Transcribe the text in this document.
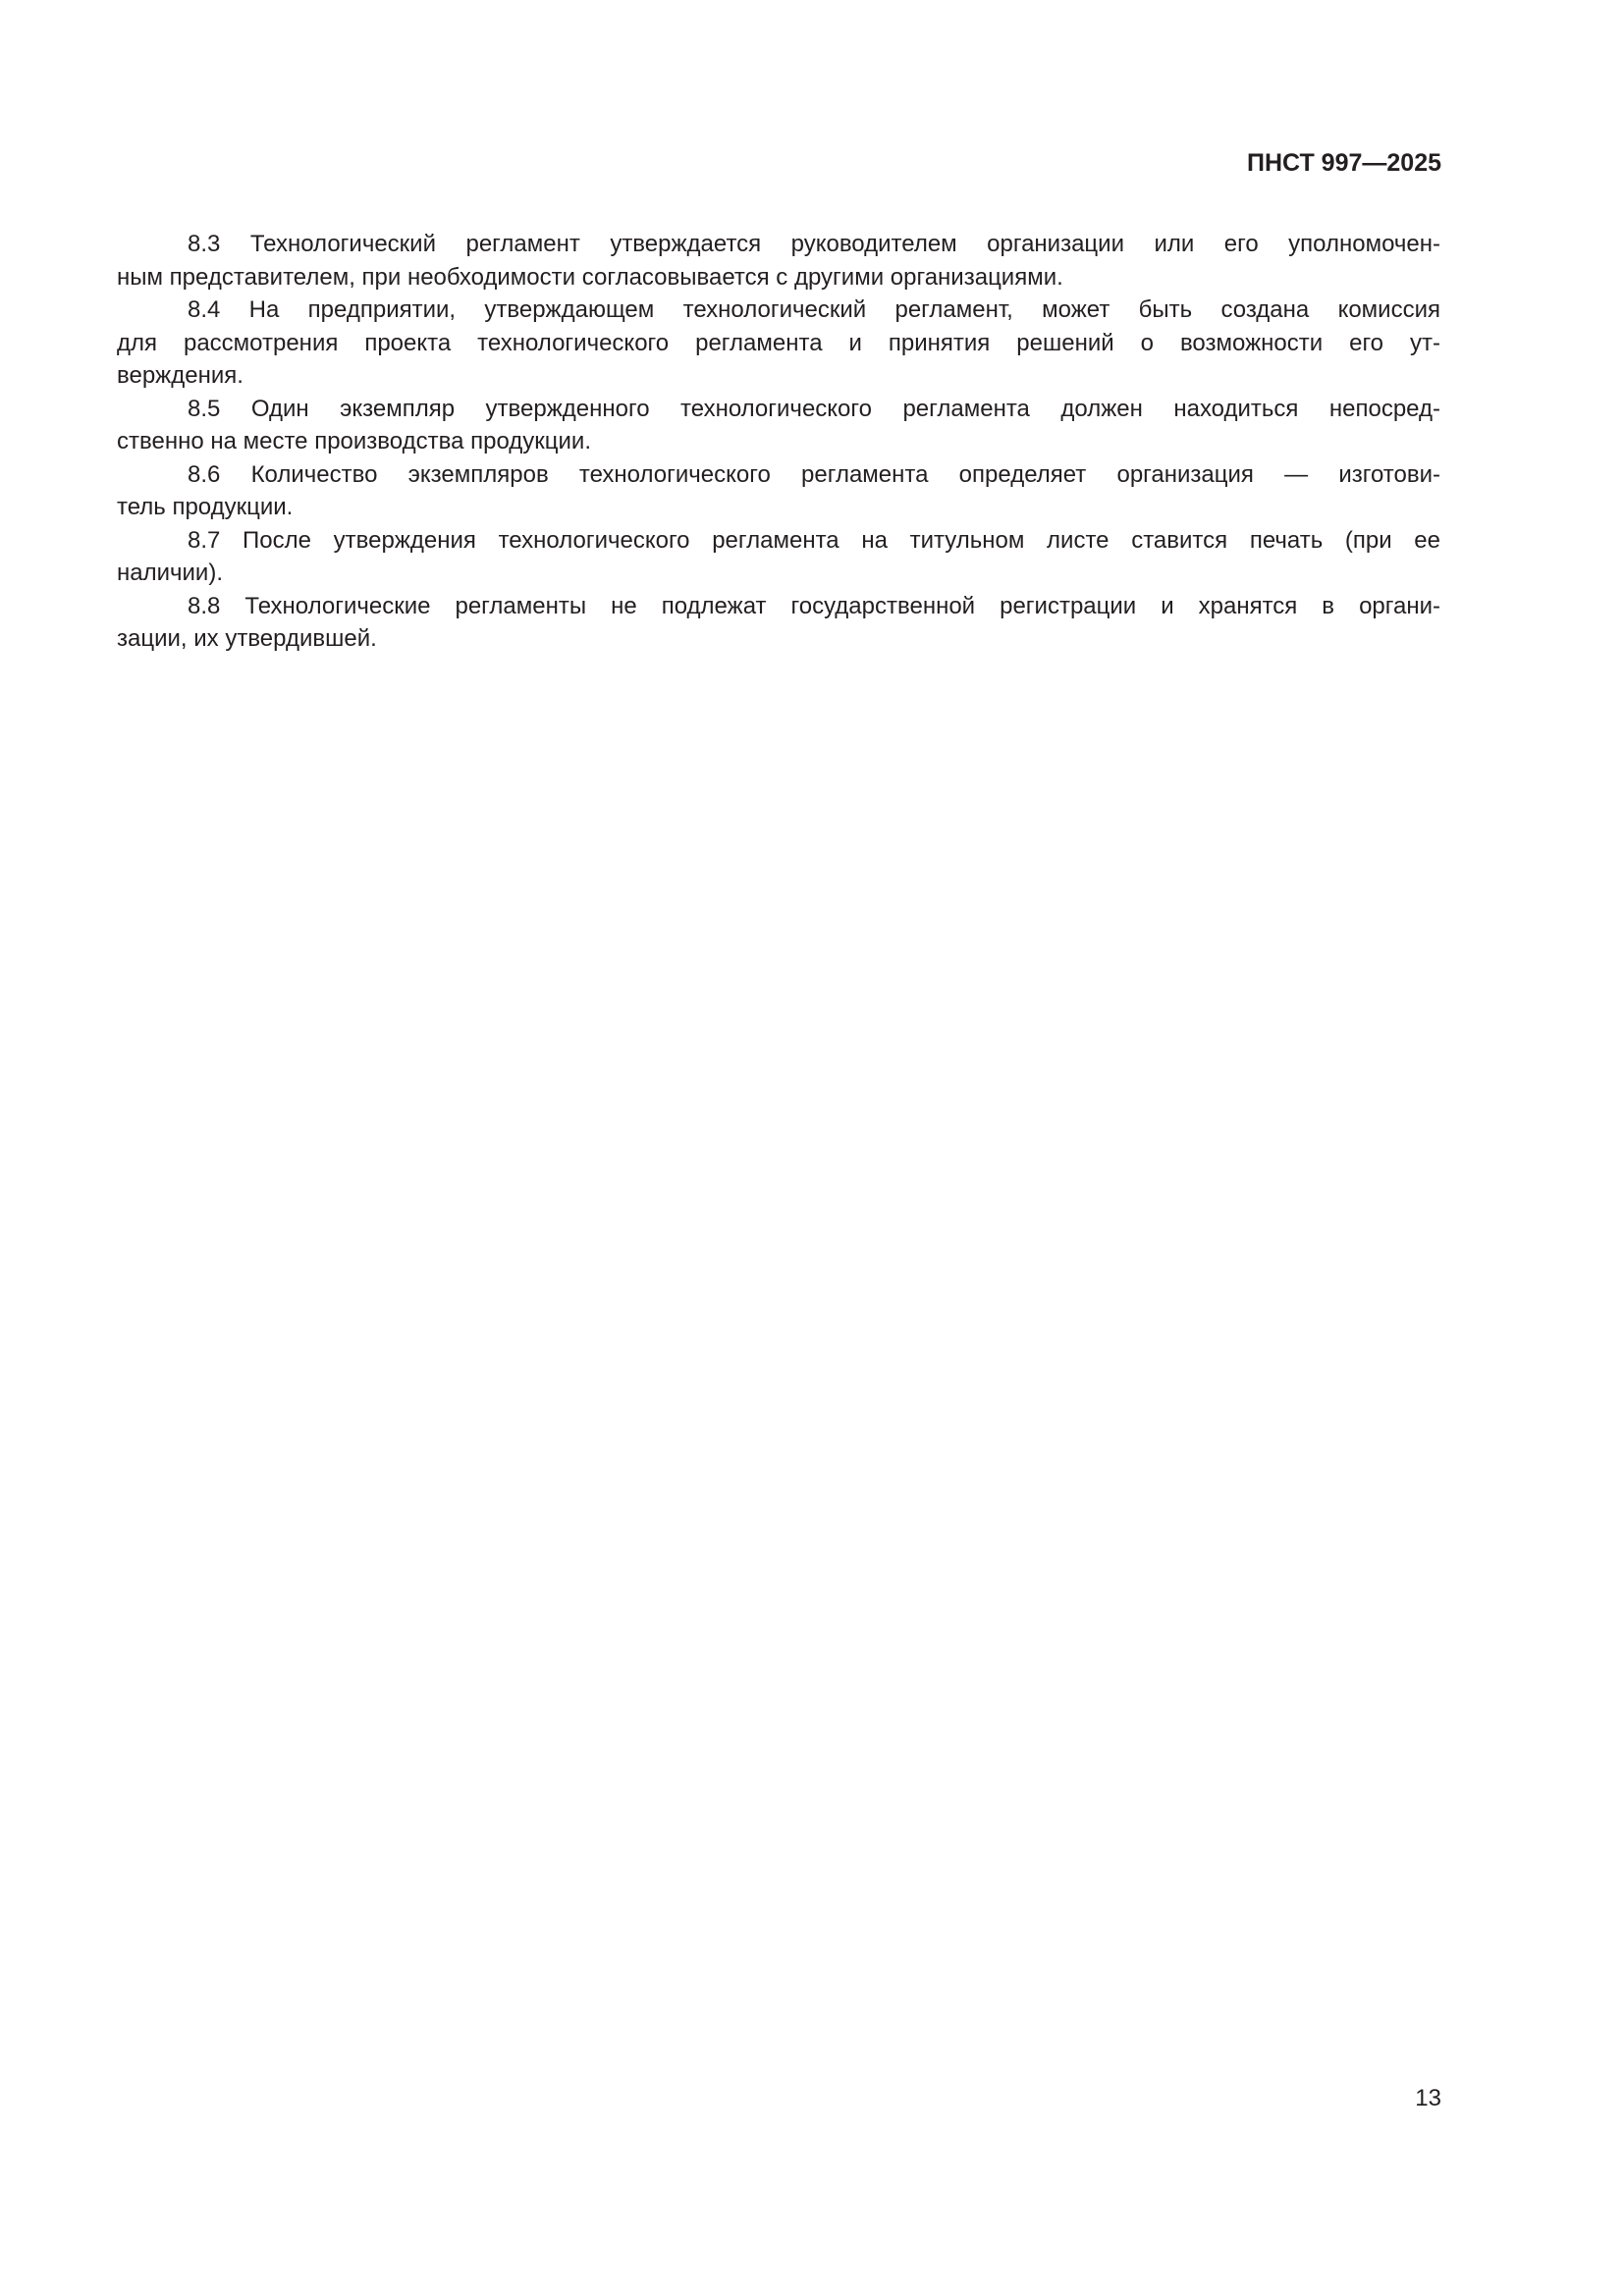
ПНСТ 997—2025
8.3 Технологический регламент утверждается руководителем организации или его уполномочен-
ным представителем, при необходимости согласовывается с другими организациями.
8.4 На предприятии, утверждающем технологический регламент, может быть создана комиссия
для рассмотрения проекта технологического регламента и принятия решений о возможности его ут-
верждения.
8.5 Один экземпляр утвержденного технологического регламента должен находиться непосред-
ственно на месте производства продукции.
8.6 Количество экземпляров технологического регламента определяет организация — изготови-
тель продукции.
8.7 После утверждения технологического регламента на титульном листе ставится печать (при ее
наличии).
8.8 Технологические регламенты не подлежат государственной регистрации и хранятся в органи-
зации, их утвердившей.
13
